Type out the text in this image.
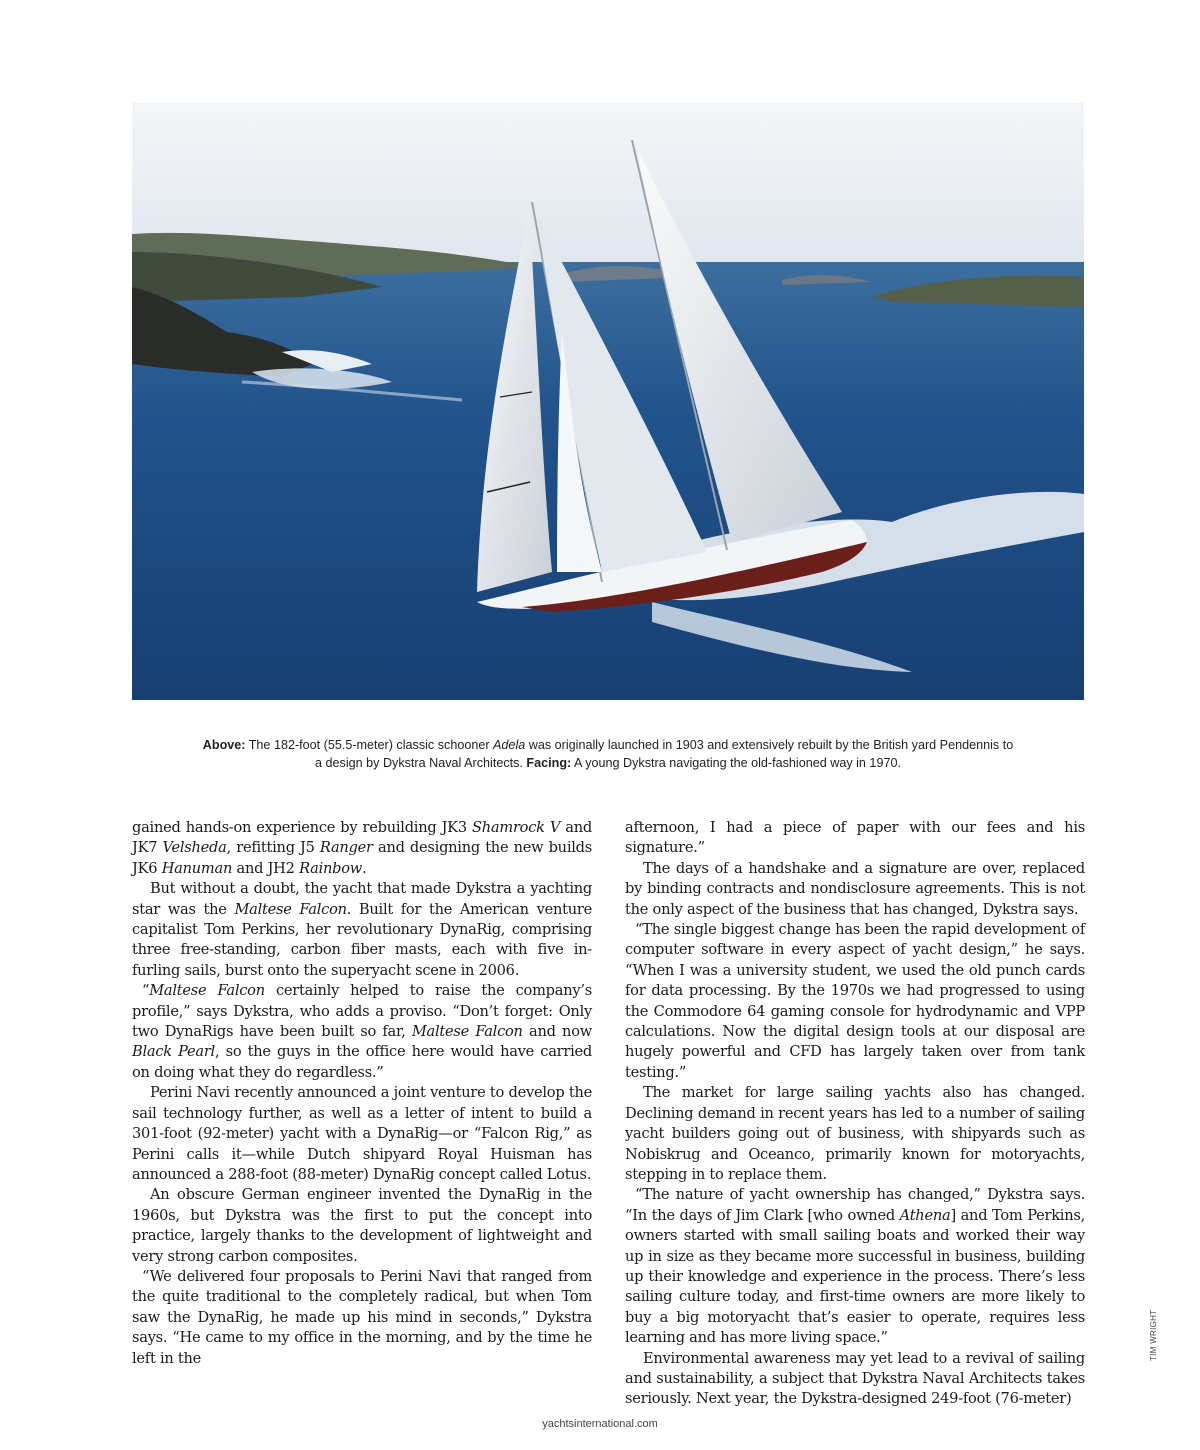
Above: The 182-foot (55.5-meter) classic schooner Adela was originally launched in 1903 and extensively rebuilt by the British yard Pendennis to a design by Dykstra Naval Architects. Facing: A young Dykstra navigating the old-fashioned way in 1970.

gained hands-on experience by rebuilding JK3 Shamrock V and JK7 Velsheda, refitting J5 Ranger and designing the new builds JK6 Hanuman and JH2 Rainbow.

But without a doubt, the yacht that made Dykstra a yachting star was the Maltese Falcon. Built for the American venture capitalist Tom Perkins, her revolutionary DynaRig, comprising three free-standing, carbon fiber masts, each with five in-furling sails, burst onto the superyacht scene in 2006.

“Maltese Falcon certainly helped to raise the company’s profile,” says Dykstra, who adds a proviso. “Don’t forget: Only two DynaRigs have been built so far, Maltese Falcon and now Black Pearl, so the guys in the office here would have carried on doing what they do regardless.”

Perini Navi recently announced a joint venture to develop the sail technology further, as well as a letter of intent to build a 301-foot (92-meter) yacht with a DynaRig—or “Falcon Rig,” as Perini calls it—while Dutch shipyard Royal Huisman has announced a 288-foot (88-meter) DynaRig concept called Lotus.

An obscure German engineer invented the DynaRig in the 1960s, but Dykstra was the first to put the concept into practice, largely thanks to the development of lightweight and very strong carbon composites.

“We delivered four proposals to Perini Navi that ranged from the quite traditional to the completely radical, but when Tom saw the DynaRig, he made up his mind in seconds,” Dykstra says. “He came to my office in the morning, and by the time he left in the

afternoon, I had a piece of paper with our fees and his signature.”

The days of a handshake and a signature are over, replaced by binding contracts and nondisclosure agreements. This is not the only aspect of the business that has changed, Dykstra says.

“The single biggest change has been the rapid development of computer software in every aspect of yacht design,” he says. “When I was a university student, we used the old punch cards for data processing. By the 1970s we had progressed to using the Commodore 64 gaming console for hydrodynamic and VPP calculations. Now the digital design tools at our disposal are hugely powerful and CFD has largely taken over from tank testing.”

The market for large sailing yachts also has changed. Declining demand in recent years has led to a number of sailing yacht builders going out of business, with shipyards such as Nobiskrug and Oceanco, primarily known for motoryachts, stepping in to replace them.

“The nature of yacht ownership has changed,” Dykstra says. “In the days of Jim Clark [who owned Athena] and Tom Perkins, owners started with small sailing boats and worked their way up in size as they became more successful in business, building up their knowledge and experience in the process. There’s less sailing culture today, and first-time owners are more likely to buy a big motoryacht that’s easier to operate, requires less learning and has more living space.”

Environmental awareness may yet lead to a revival of sailing and sustainability, a subject that Dykstra Naval Architects takes seriously. Next year, the Dykstra-designed 249-foot (76-meter)

TIM WRIGHT
yachtsinternational.com
